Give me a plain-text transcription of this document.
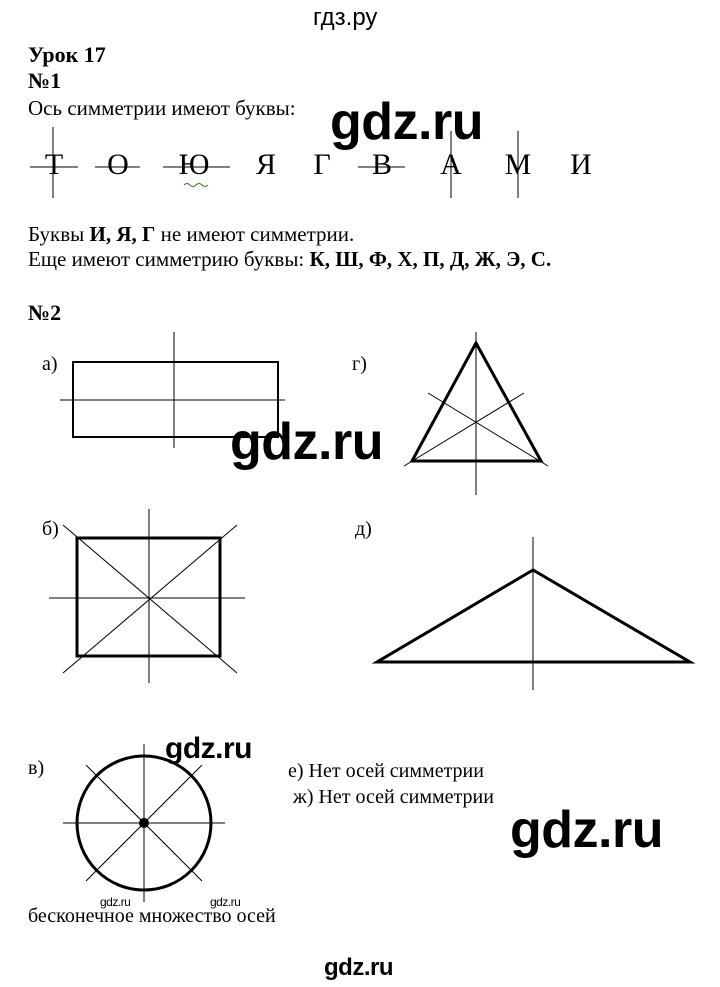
гдз.ру
Урок 17
№1
Ось симметрии имеют буквы:
Т	О	Ю	Я	Г	В	А	М	И
Буквы И, Я, Г не имеют симметрии.
Еще имеют симметрию буквы: К, Ш, Ф, Х, П, Д, Ж, Э, С.
№2
а)	г)
б)	д)
в)	е) Нет осей симметрии
ж) Нет осей симметрии
бесконечное множество осей
gdz.ru
gdz.ru
gdz.ru
gdz.ru
gdz.ru	gdz.ru
gdz.ru
